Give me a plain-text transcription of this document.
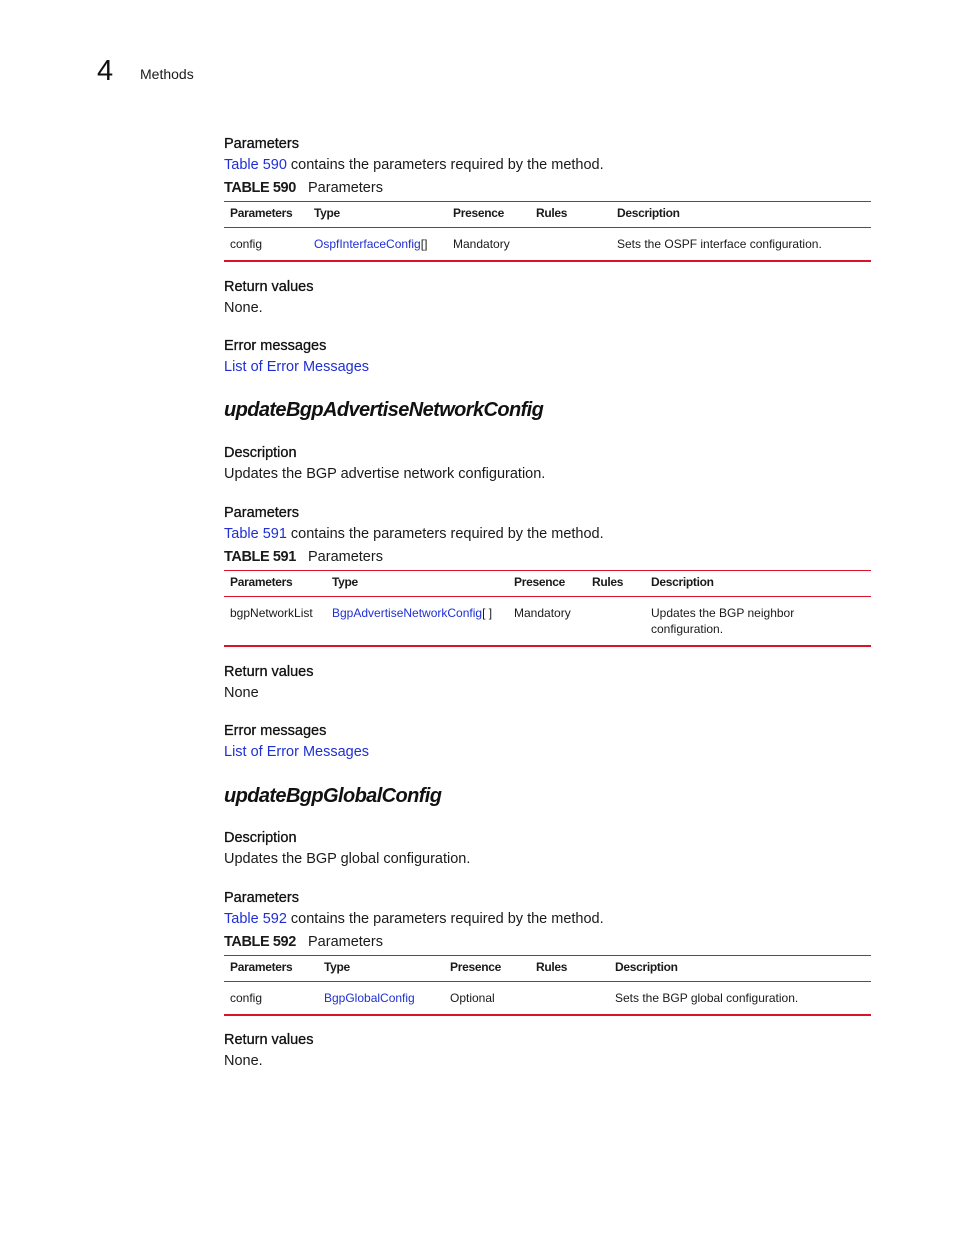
4 Methods
Parameters
Table 590 contains the parameters required by the method.
TABLE 590 Parameters
Parameters	Type	Presence	Rules	Description
config	OspfInterfaceConfig[]	Mandatory		Sets the OSPF interface configuration.
Return values
None.
Error messages
List of Error Messages
updateBgpAdvertiseNetworkConfig
Description
Updates the BGP advertise network configuration.
Parameters
Table 591 contains the parameters required by the method.
TABLE 591 Parameters
Parameters	Type	Presence	Rules	Description
bgpNetworkList	BgpAdvertiseNetworkConfig[ ]	Mandatory		Updates the BGP neighbor configuration.
Return values
None
Error messages
List of Error Messages
updateBgpGlobalConfig
Description
Updates the BGP global configuration.
Parameters
Table 592 contains the parameters required by the method.
TABLE 592 Parameters
Parameters	Type	Presence	Rules	Description
config	BgpGlobalConfig	Optional		Sets the BGP global configuration.
Return values
None.
